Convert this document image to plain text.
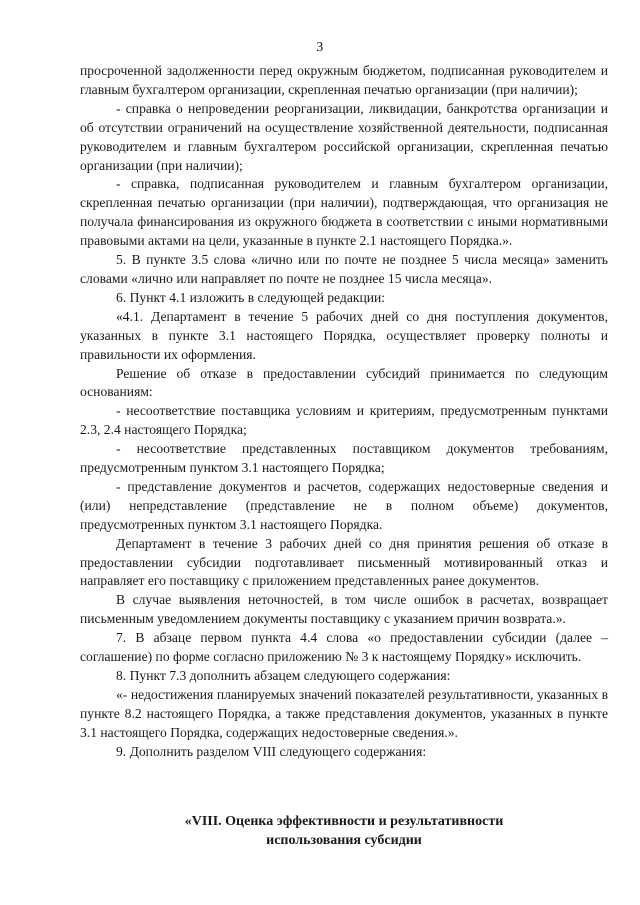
3

просроченной задолженности перед окружным бюджетом, подписанная руководителем и главным бухгалтером организации, скрепленная печатью организации (при наличии);

- справка о непроведении реорганизации, ликвидации, банкротства организации и об отсутствии ограничений на осуществление хозяйственной деятельности, подписанная руководителем и главным бухгалтером российской организации, скрепленная печатью организации (при наличии);

- справка, подписанная руководителем и главным бухгалтером организации, скрепленная печатью организации (при наличии), подтверждающая, что организация не получала финансирования из окружного бюджета в соответствии с иными нормативными правовыми актами на цели, указанные в пункте 2.1 настоящего Порядка.».

5. В пункте 3.5 слова «лично или по почте не позднее 5 числа месяца» заменить словами «лично или направляет по почте не позднее 15 числа месяца».

6. Пункт 4.1 изложить в следующей редакции:

«4.1. Департамент в течение 5 рабочих дней со дня поступления документов, указанных в пункте 3.1 настоящего Порядка, осуществляет проверку полноты и правильности их оформления.

Решение об отказе в предоставлении субсидий принимается по следующим основаниям:

- несоответствие поставщика условиям и критериям, предусмотренным пунктами 2.3, 2.4 настоящего Порядка;

- несоответствие представленных поставщиком документов требованиям, предусмотренным пунктом 3.1 настоящего Порядка;

- представление документов и расчетов, содержащих недостоверные сведения и (или) непредставление (представление не в полном объеме) документов, предусмотренных пунктом 3.1 настоящего Порядка.

Департамент в течение 3 рабочих дней со дня принятия решения об отказе в предоставлении субсидии подготавливает письменный мотивированный отказ и направляет его поставщику с приложением представленных ранее документов.

В случае выявления неточностей, в том числе ошибок в расчетах, возвращает письменным уведомлением документы поставщику с указанием причин возврата.».

7. В абзаце первом пункта 4.4 слова «о предоставлении субсидии (далее – соглашение) по форме согласно приложению № 3 к настоящему Порядку» исключить.

8. Пункт 7.3 дополнить абзацем следующего содержания:

«- недостижения планируемых значений показателей результативности, указанных в пункте 8.2 настоящего Порядка, а также представления документов, указанных в пункте 3.1 настоящего Порядка, содержащих недостоверные сведения.».

9. Дополнить разделом VIII следующего содержания:

«VIII. Оценка эффективности и результативности
использования субсидии
